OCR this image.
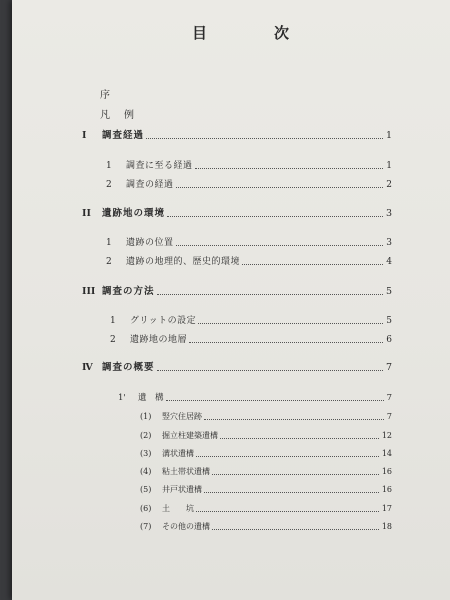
目　次
序
凡　例
I	調査経過	1
1	調査に至る経過	1
2	調査の経過	2
II	遺跡地の環境	3
1	遺跡の位置	3
2	遺跡の地理的、歴史的環境	4
III 調査の方法	5
1	グリットの設定	5
2	遺跡地の地層	6
Ⅳ 調査の概要	7
1'	遺　構	7
(1)	竪穴住居跡	7
(2)	掘立柱建築遺構	12
(3)	溝状遺構	14
(4)	粘土帯状遺構	16
(5)	井戸状遺構	16
(6)	土　　坑	17
(7)	その他の遺構	18
